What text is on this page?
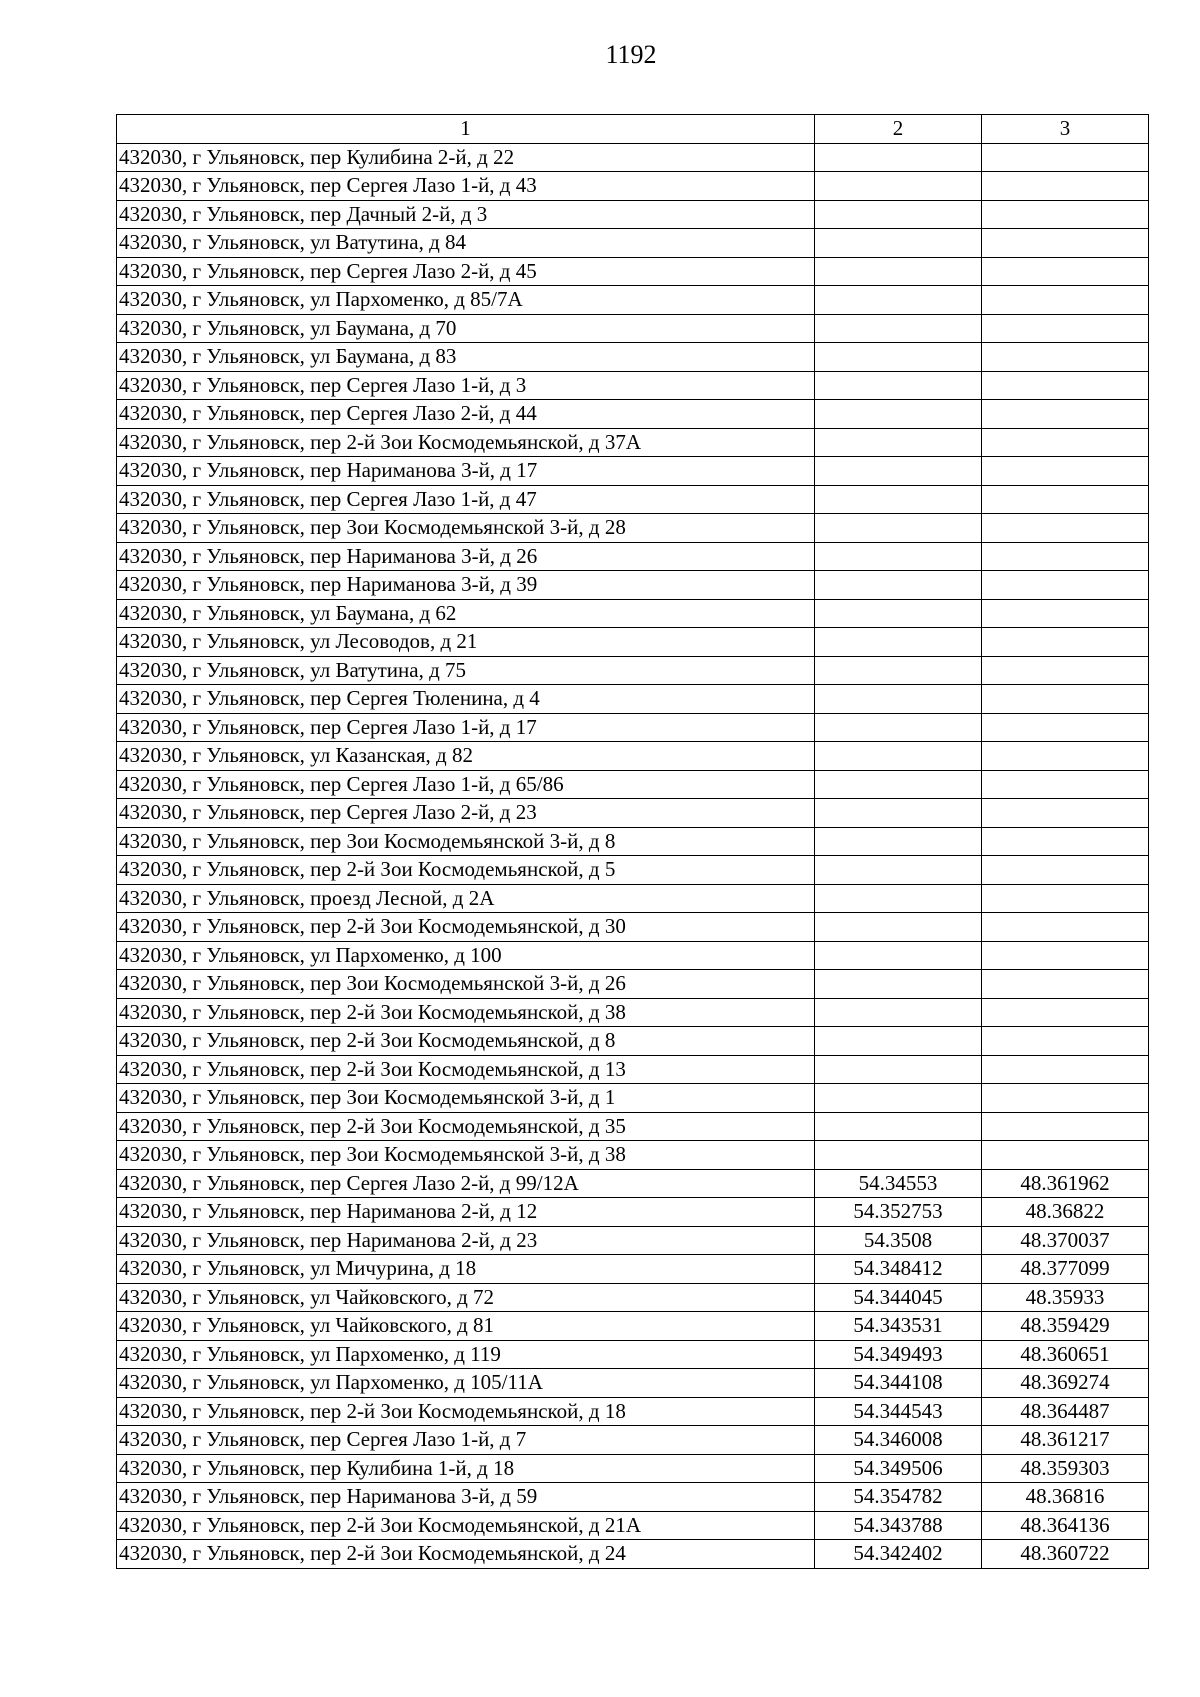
1192
1	2	3
432030, г Ульяновск, пер Кулибина 2-й, д 22		
432030, г Ульяновск, пер Сергея Лазо 1-й, д 43		
432030, г Ульяновск, пер Дачный 2-й, д 3		
432030, г Ульяновск, ул Ватутина, д 84		
432030, г Ульяновск, пер Сергея Лазо 2-й, д 45		
432030, г Ульяновск, ул Пархоменко, д 85/7А		
432030, г Ульяновск, ул Баумана, д 70		
432030, г Ульяновск, ул Баумана, д 83		
432030, г Ульяновск, пер Сергея Лазо 1-й, д 3		
432030, г Ульяновск, пер Сергея Лазо 2-й, д 44		
432030, г Ульяновск, пер 2-й Зои Космодемьянской, д 37А		
432030, г Ульяновск, пер Нариманова 3-й, д 17		
432030, г Ульяновск, пер Сергея Лазо 1-й, д 47		
432030, г Ульяновск, пер Зои Космодемьянской 3-й, д 28		
432030, г Ульяновск, пер Нариманова 3-й, д 26		
432030, г Ульяновск, пер Нариманова 3-й, д 39		
432030, г Ульяновск, ул Баумана, д 62		
432030, г Ульяновск, ул Лесоводов, д 21		
432030, г Ульяновск, ул Ватутина, д 75		
432030, г Ульяновск, пер Сергея Тюленина, д 4		
432030, г Ульяновск, пер Сергея Лазо 1-й, д 17		
432030, г Ульяновск, ул Казанская, д 82		
432030, г Ульяновск, пер Сергея Лазо 1-й, д 65/86		
432030, г Ульяновск, пер Сергея Лазо 2-й, д 23		
432030, г Ульяновск, пер Зои Космодемьянской 3-й, д 8		
432030, г Ульяновск, пер 2-й Зои Космодемьянской, д 5		
432030, г Ульяновск, проезд Лесной, д 2А		
432030, г Ульяновск, пер 2-й Зои Космодемьянской, д 30		
432030, г Ульяновск, ул Пархоменко, д 100		
432030, г Ульяновск, пер Зои Космодемьянской 3-й, д 26		
432030, г Ульяновск, пер 2-й Зои Космодемьянской, д 38		
432030, г Ульяновск, пер 2-й Зои Космодемьянской, д 8		
432030, г Ульяновск, пер 2-й Зои Космодемьянской, д 13		
432030, г Ульяновск, пер Зои Космодемьянской 3-й, д 1		
432030, г Ульяновск, пер 2-й Зои Космодемьянской, д 35		
432030, г Ульяновск, пер Зои Космодемьянской 3-й, д 38		
432030, г Ульяновск, пер Сергея Лазо 2-й, д 99/12А	54.34553	48.361962
432030, г Ульяновск, пер Нариманова 2-й, д 12	54.352753	48.36822
432030, г Ульяновск, пер Нариманова 2-й, д 23	54.3508	48.370037
432030, г Ульяновск, ул Мичурина, д 18	54.348412	48.377099
432030, г Ульяновск, ул Чайковского, д 72	54.344045	48.35933
432030, г Ульяновск, ул Чайковского, д 81	54.343531	48.359429
432030, г Ульяновск, ул Пархоменко, д 119	54.349493	48.360651
432030, г Ульяновск, ул Пархоменко, д 105/11А	54.344108	48.369274
432030, г Ульяновск, пер 2-й Зои Космодемьянской, д 18	54.344543	48.364487
432030, г Ульяновск, пер Сергея Лазо 1-й, д 7	54.346008	48.361217
432030, г Ульяновск, пер Кулибина 1-й, д 18	54.349506	48.359303
432030, г Ульяновск, пер Нариманова 3-й, д 59	54.354782	48.36816
432030, г Ульяновск, пер 2-й Зои Космодемьянской, д 21А	54.343788	48.364136
432030, г Ульяновск, пер 2-й Зои Космодемьянской, д 24	54.342402	48.360722
